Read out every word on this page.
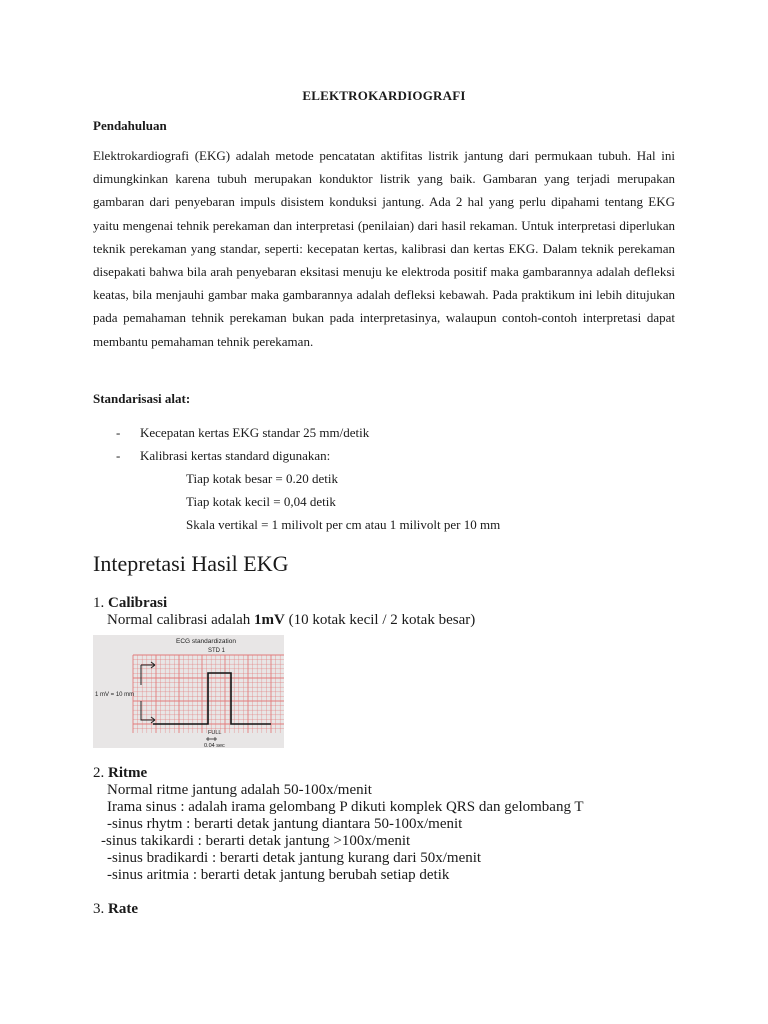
ELEKTROKARDIOGRAFI
Pendahuluan

Elektrokardiografi (EKG) adalah metode pencatatan aktifitas listrik jantung dari permukaan tubuh. Hal ini dimungkinkan karena tubuh merupakan konduktor listrik yang baik. Gambaran yang terjadi merupakan gambaran dari penyebaran impuls disistem konduksi jantung. Ada 2 hal yang perlu dipahami tentang EKG yaitu mengenai tehnik perekaman dan interpretasi (penilaian) dari hasil rekaman. Untuk interpretasi diperlukan teknik perekaman yang standar, seperti: kecepatan kertas, kalibrasi dan kertas EKG. Dalam teknik perekaman disepakati bahwa bila arah penyebaran eksitasi menuju ke elektroda positif maka gambarannya adalah defleksi keatas, bila menjauhi gambar maka gambarannya adalah defleksi kebawah. Pada praktikum ini lebih ditujukan pada pemahaman tehnik perekaman bukan pada interpretasinya, walaupun contoh-contoh interpretasi dapat membantu pemahaman tehnik perekaman.

Standarisasi alat:
-	Kecepatan kertas EKG standar 25 mm/detik
-	Kalibrasi kertas standard digunakan:
Tiap kotak besar = 0.20 detik
Tiap kotak kecil = 0,04 detik
Skala vertikal = 1 milivolt per cm atau 1 milivolt per 10 mm
Intepretasi Hasil EKG
1. Calibrasi
Normal calibrasi adalah 1mV (10 kotak kecil / 2 kotak besar)
ECG standardization
STD 1
1 mV = 10 mm
FULL
0.04 sec
2. Ritme
Normal ritme jantung adalah 50-100x/menit
Irama sinus : adalah irama gelombang P dikuti komplek QRS dan gelombang T
-sinus rhytm : berarti detak jantung diantara 50-100x/menit
-sinus takikardi : berarti detak jantung >100x/menit
-sinus bradikardi : berarti detak jantung kurang dari 50x/menit
-sinus aritmia : berarti detak jantung berubah setiap detik
3. Rate
